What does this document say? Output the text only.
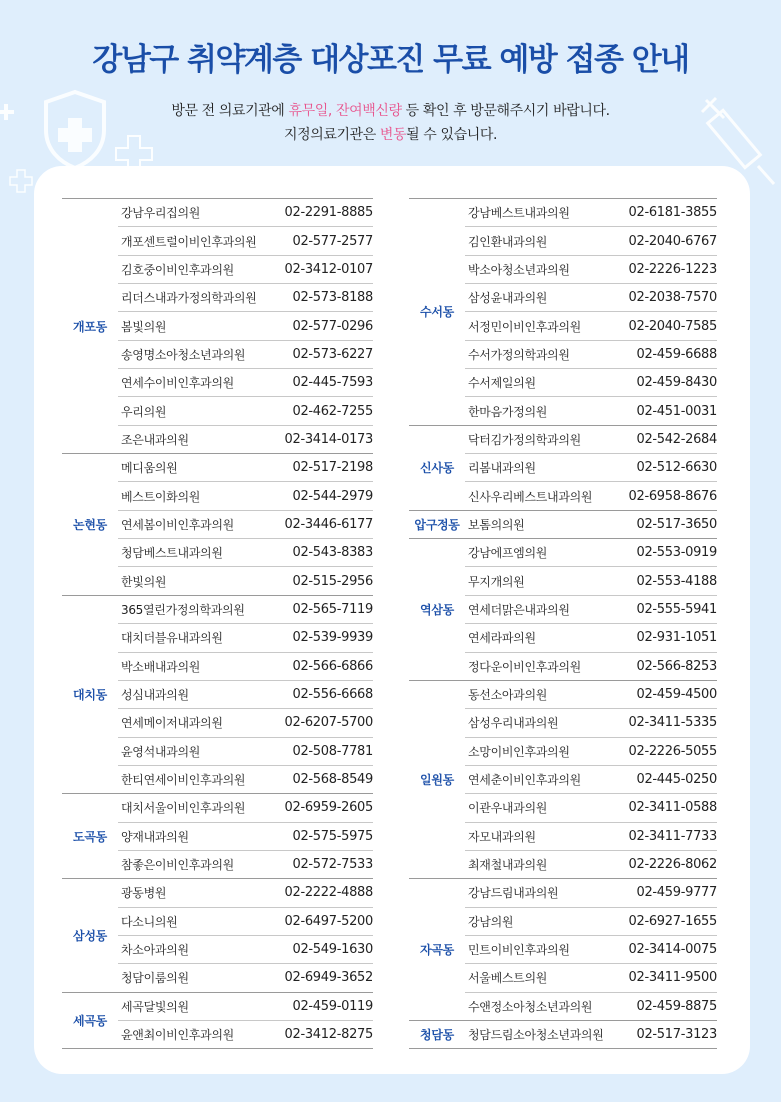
강남구 취약계층 대상포진 무료 예방 접종 안내
방문 전 의료기관에 휴무일, 잔여백신량 등 확인 후 방문해주시기 바랍니다.
지정의료기관은 변동될 수 있습니다.
개포동	강남우리집의원	02-2291-8885
	개포센트럴이비인후과의원	02-577-2577
	김호중이비인후과의원	02-3412-0107
	리더스내과가정의학과의원	02-573-8188
	봄빛의원	02-577-0296
	송영명소아청소년과의원	02-573-6227
	연세수이비인후과의원	02-445-7593
	우리의원	02-462-7255
	조은내과의원	02-3414-0173
논현동	메디움의원	02-517-2198
	베스트이화의원	02-544-2979
	연세봄이비인후과의원	02-3446-6177
	청담베스트내과의원	02-543-8383
	한빛의원	02-515-2956
대치동	365열린가정의학과의원	02-565-7119
	대치더블유내과의원	02-539-9939
	박소배내과의원	02-566-6866
	성심내과의원	02-556-6668
	연세메이저내과의원	02-6207-5700
	윤영석내과의원	02-508-7781
	한티연세이비인후과의원	02-568-8549
도곡동	대치서울이비인후과의원	02-6959-2605
	양재내과의원	02-575-5975
	참좋은이비인후과의원	02-572-7533
삼성동	광동병원	02-2222-4888
	다소니의원	02-6497-5200
	차소아과의원	02-549-1630
	청담이룸의원	02-6949-3652
세곡동	세곡달빛의원	02-459-0119
	윤앤최이비인후과의원	02-3412-8275
수서동	강남베스트내과의원	02-6181-3855
	김인환내과의원	02-2040-6767
	박소아청소년과의원	02-2226-1223
	삼성윤내과의원	02-2038-7570
	서정민이비인후과의원	02-2040-7585
	수서가정의학과의원	02-459-6688
	수서제일의원	02-459-8430
	한마음가정의원	02-451-0031
신사동	닥터김가정의학과의원	02-542-2684
	리봄내과의원	02-512-6630
	신사우리베스트내과의원	02-6958-8676
압구정동	보톰의의원	02-517-3650
역삼동	강남에프엠의원	02-553-0919
	무지개의원	02-553-4188
	연세더맑은내과의원	02-555-5941
	연세라파의원	02-931-1051
	정다운이비인후과의원	02-566-8253
일원동	동선소아과의원	02-459-4500
	삼성우리내과의원	02-3411-5335
	소망이비인후과의원	02-2226-5055
	연세춘이비인후과의원	02-445-0250
	이관우내과의원	02-3411-0588
	자모내과의원	02-3411-7733
	최재철내과의원	02-2226-8062
자곡동	강남드림내과의원	02-459-9777
	강남의원	02-6927-1655
	민트이비인후과의원	02-3414-0075
	서울베스트의원	02-3411-9500
	수앤정소아청소년과의원	02-459-8875
청담동	청담드림소아청소년과의원	02-517-3123
